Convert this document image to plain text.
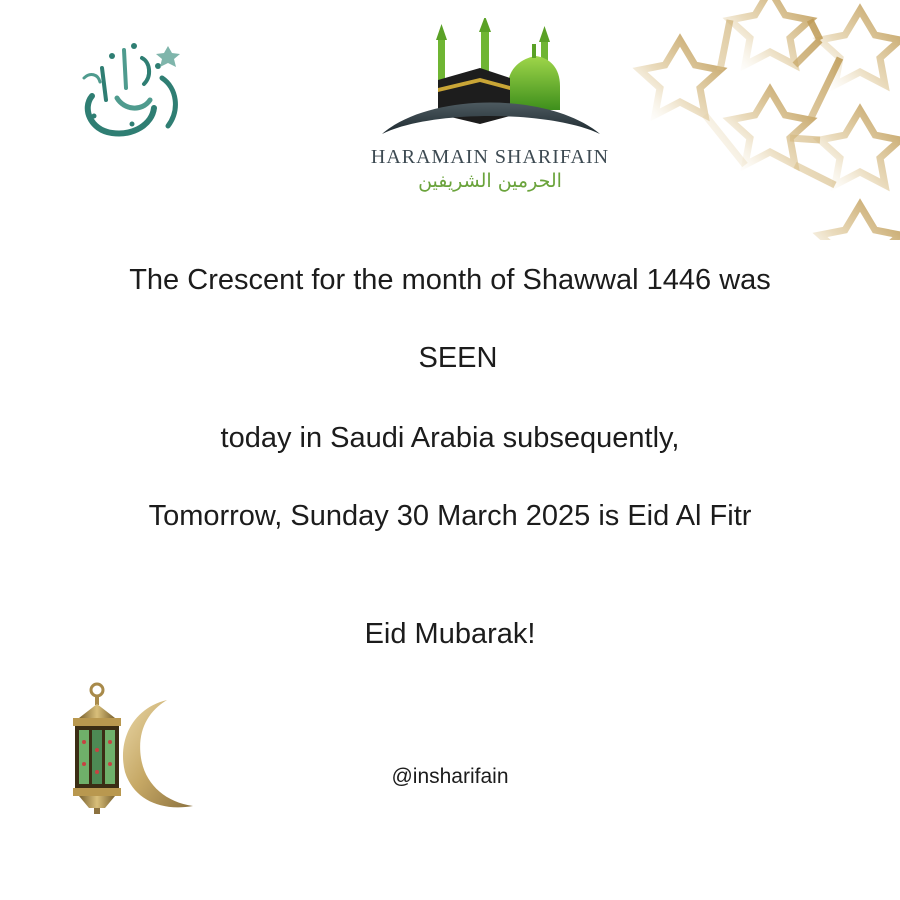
HARAMAIN SHARIFAIN
الحرمين الشريفين
The Crescent for the month of Shawwal 1446 was
SEEN
today in Saudi Arabia subsequently,
Tomorrow, Sunday 30 March 2025 is Eid Al Fitr
Eid Mubarak!
@insharifain
